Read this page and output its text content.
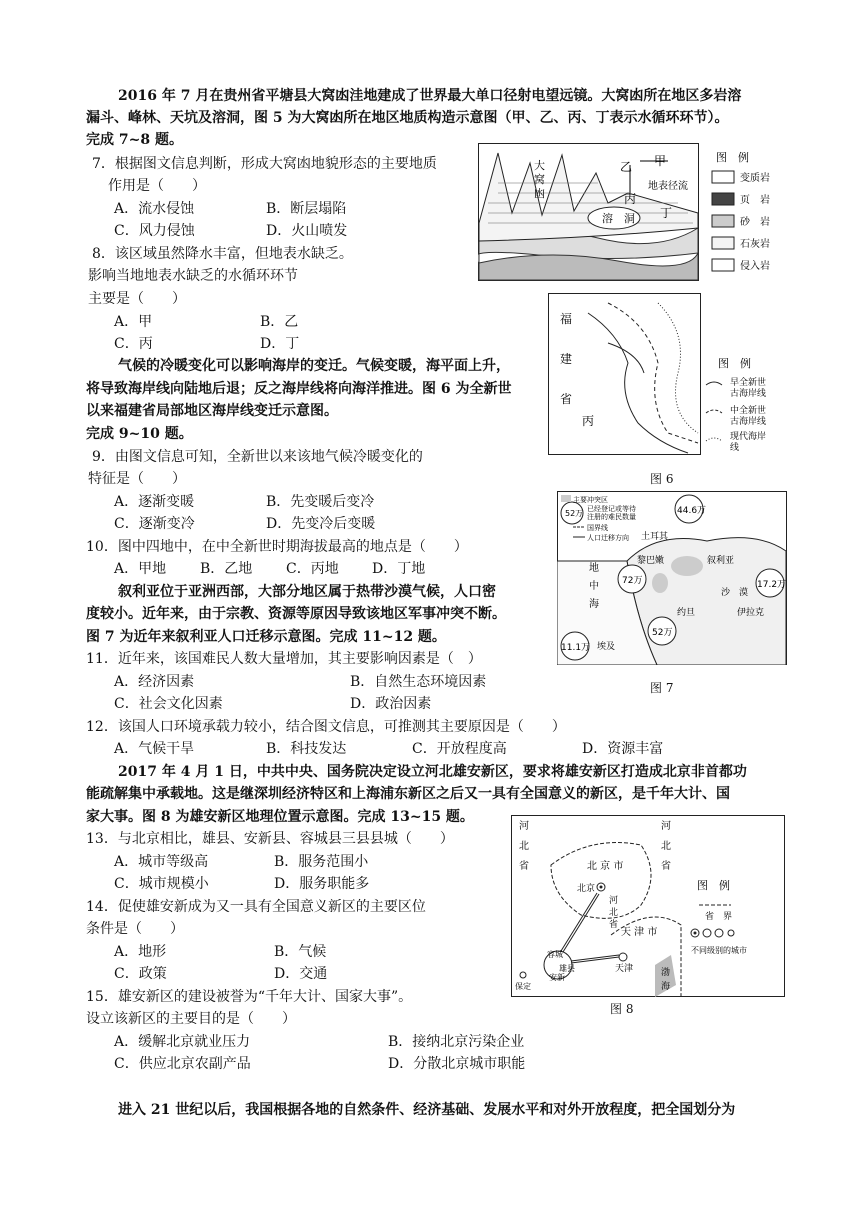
2016 年 7 月在贵州省平塘县大窝凼洼地建成了世界最大单口径射电望远镜。大窝凼所在地区多岩溶
漏斗、峰林、天坑及溶洞，图 5 为大窝凼所在地区地质构造示意图（甲、乙、丙、丁表示水循环环节）。
完成 7~8 题。
7．根据图文信息判断，形成大窝凼地貌形态的主要地质
作用是（　　）
A．流水侵蚀	B．断层塌陷
C．风力侵蚀	D．火山喷发
8．该区域虽然降水丰富，但地表水缺乏。
影响当地地表水缺乏的水循环环节
主要是（　　）
A．甲	B．乙
C．丙	D．丁
气候的冷暖变化可以影响海岸的变迁。气候变暖，海平面上升，
将导致海岸线向陆地后退；反之海岸线将向海洋推进。图 6 为全新世
以来福建省局部地区海岸线变迁示意图。
完成 9~10 题。
9．由图文信息可知，全新世以来该地气候冷暖变化的
特征是（　　）
A．逐渐变暖	B．先变暖后变冷
C．逐渐变冷	D．先变冷后变暖
10．图中四地中，在中全新世时期海拔最高的地点是（　　）
A．甲地 B．乙地 C．丙地 D．丁地
叙利亚位于亚洲西部，大部分地区属于热带沙漠气候，人口密
度较小。近年来，由于宗教、资源等原因导致该地区军事冲突不断。
图 7 为近年来叙利亚人口迁移示意图。完成 11~12 题。
11．近年来，该国难民人数大量增加，其主要影响因素是（　）
A．经济因素	B．自然生态环境因素
C．社会文化因素	D．政治因素
12．该国人口环境承载力较小，结合图文信息，可推测其主要原因是（　　）
A．气候干旱	B．科技发达	C．开放程度高	D．资源丰富
2017 年 4 月 1 日，中共中央、国务院决定设立河北雄安新区，要求将雄安新区打造成北京非首都功
能疏解集中承载地。这是继深圳经济特区和上海浦东新区之后又一具有全国意义的新区，是千年大计、国
家大事。图 8 为雄安新区地理位置示意图。完成 13~15 题。
13．与北京相比，雄县、安新县、容城县三县县城（　　）
A．城市等级高	B．服务范围小
C．城市规模小	D．服务职能多
14．促使雄安新成为又一具有全国意义新区的主要区位
条件是（　　）
A．地形	B．气候
C．政策	D．交通
15．雄安新区的建设被誉为“千年大计、国家大事”。
设立该新区的主要目的是（　　）
A．缓解北京就业压力	B．接纳北京污染企业
C．供应北京农副产品	D．分散北京城市职能
进入 21 世纪以后，我国根据各地的自然条件、经济基础、发展水平和对外开放程度，把全国划分为
溶　洞
大
窝
凼
乙 甲
丙
丁
地表径流
图　例
变质岩
页　岩
砂　岩
石灰岩
侵入岩
福
建
省
丙
图　例
早全新世
古海岸线
中全新世
古海岸线
现代海岸
线
图 6
44.6万
72万	17.2万
52万
11.1万
52万
主要冲突区
已经登记或等待
注册的难民数量
国界线
人口迁移方向 土耳其
叙利亚
黎巴嫩
沙　漠
伊拉克
约旦
埃及
地
中
海
图 7
河
北
省
河
北
省
北 京 市
北京
河
北
省
天 津 市
天津
容城
雄县
安新
保定
渤
海
图　例
省　界
不同级别的城市
图 8
